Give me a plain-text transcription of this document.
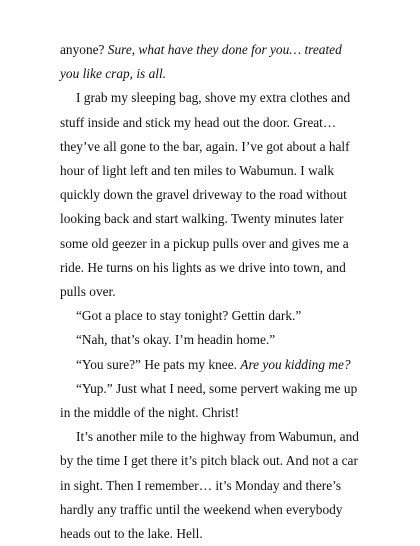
anyone? Sure, what have they done for you… treated you like crap, is all.

I grab my sleeping bag, shove my extra clothes and stuff inside and stick my head out the door. Great… they’ve all gone to the bar, again. I’ve got about a half hour of light left and ten miles to Wabumun. I walk quickly down the gravel driveway to the road without looking back and start walking. Twenty minutes later some old geezer in a pickup pulls over and gives me a ride. He turns on his lights as we drive into town, and pulls over.

“Got a place to stay tonight? Gettin dark.”

“Nah, that’s okay. I’m headin home.”

“You sure?” He pats my knee. Are you kidding me?

“Yup.” Just what I need, some pervert waking me up in the middle of the night. Christ!

It’s another mile to the highway from Wabumun, and by the time I get there it’s pitch black out. And not a car in sight. Then I remember… it’s Monday and there’s hardly any traffic until the weekend when everybody heads out to the lake. Hell.
